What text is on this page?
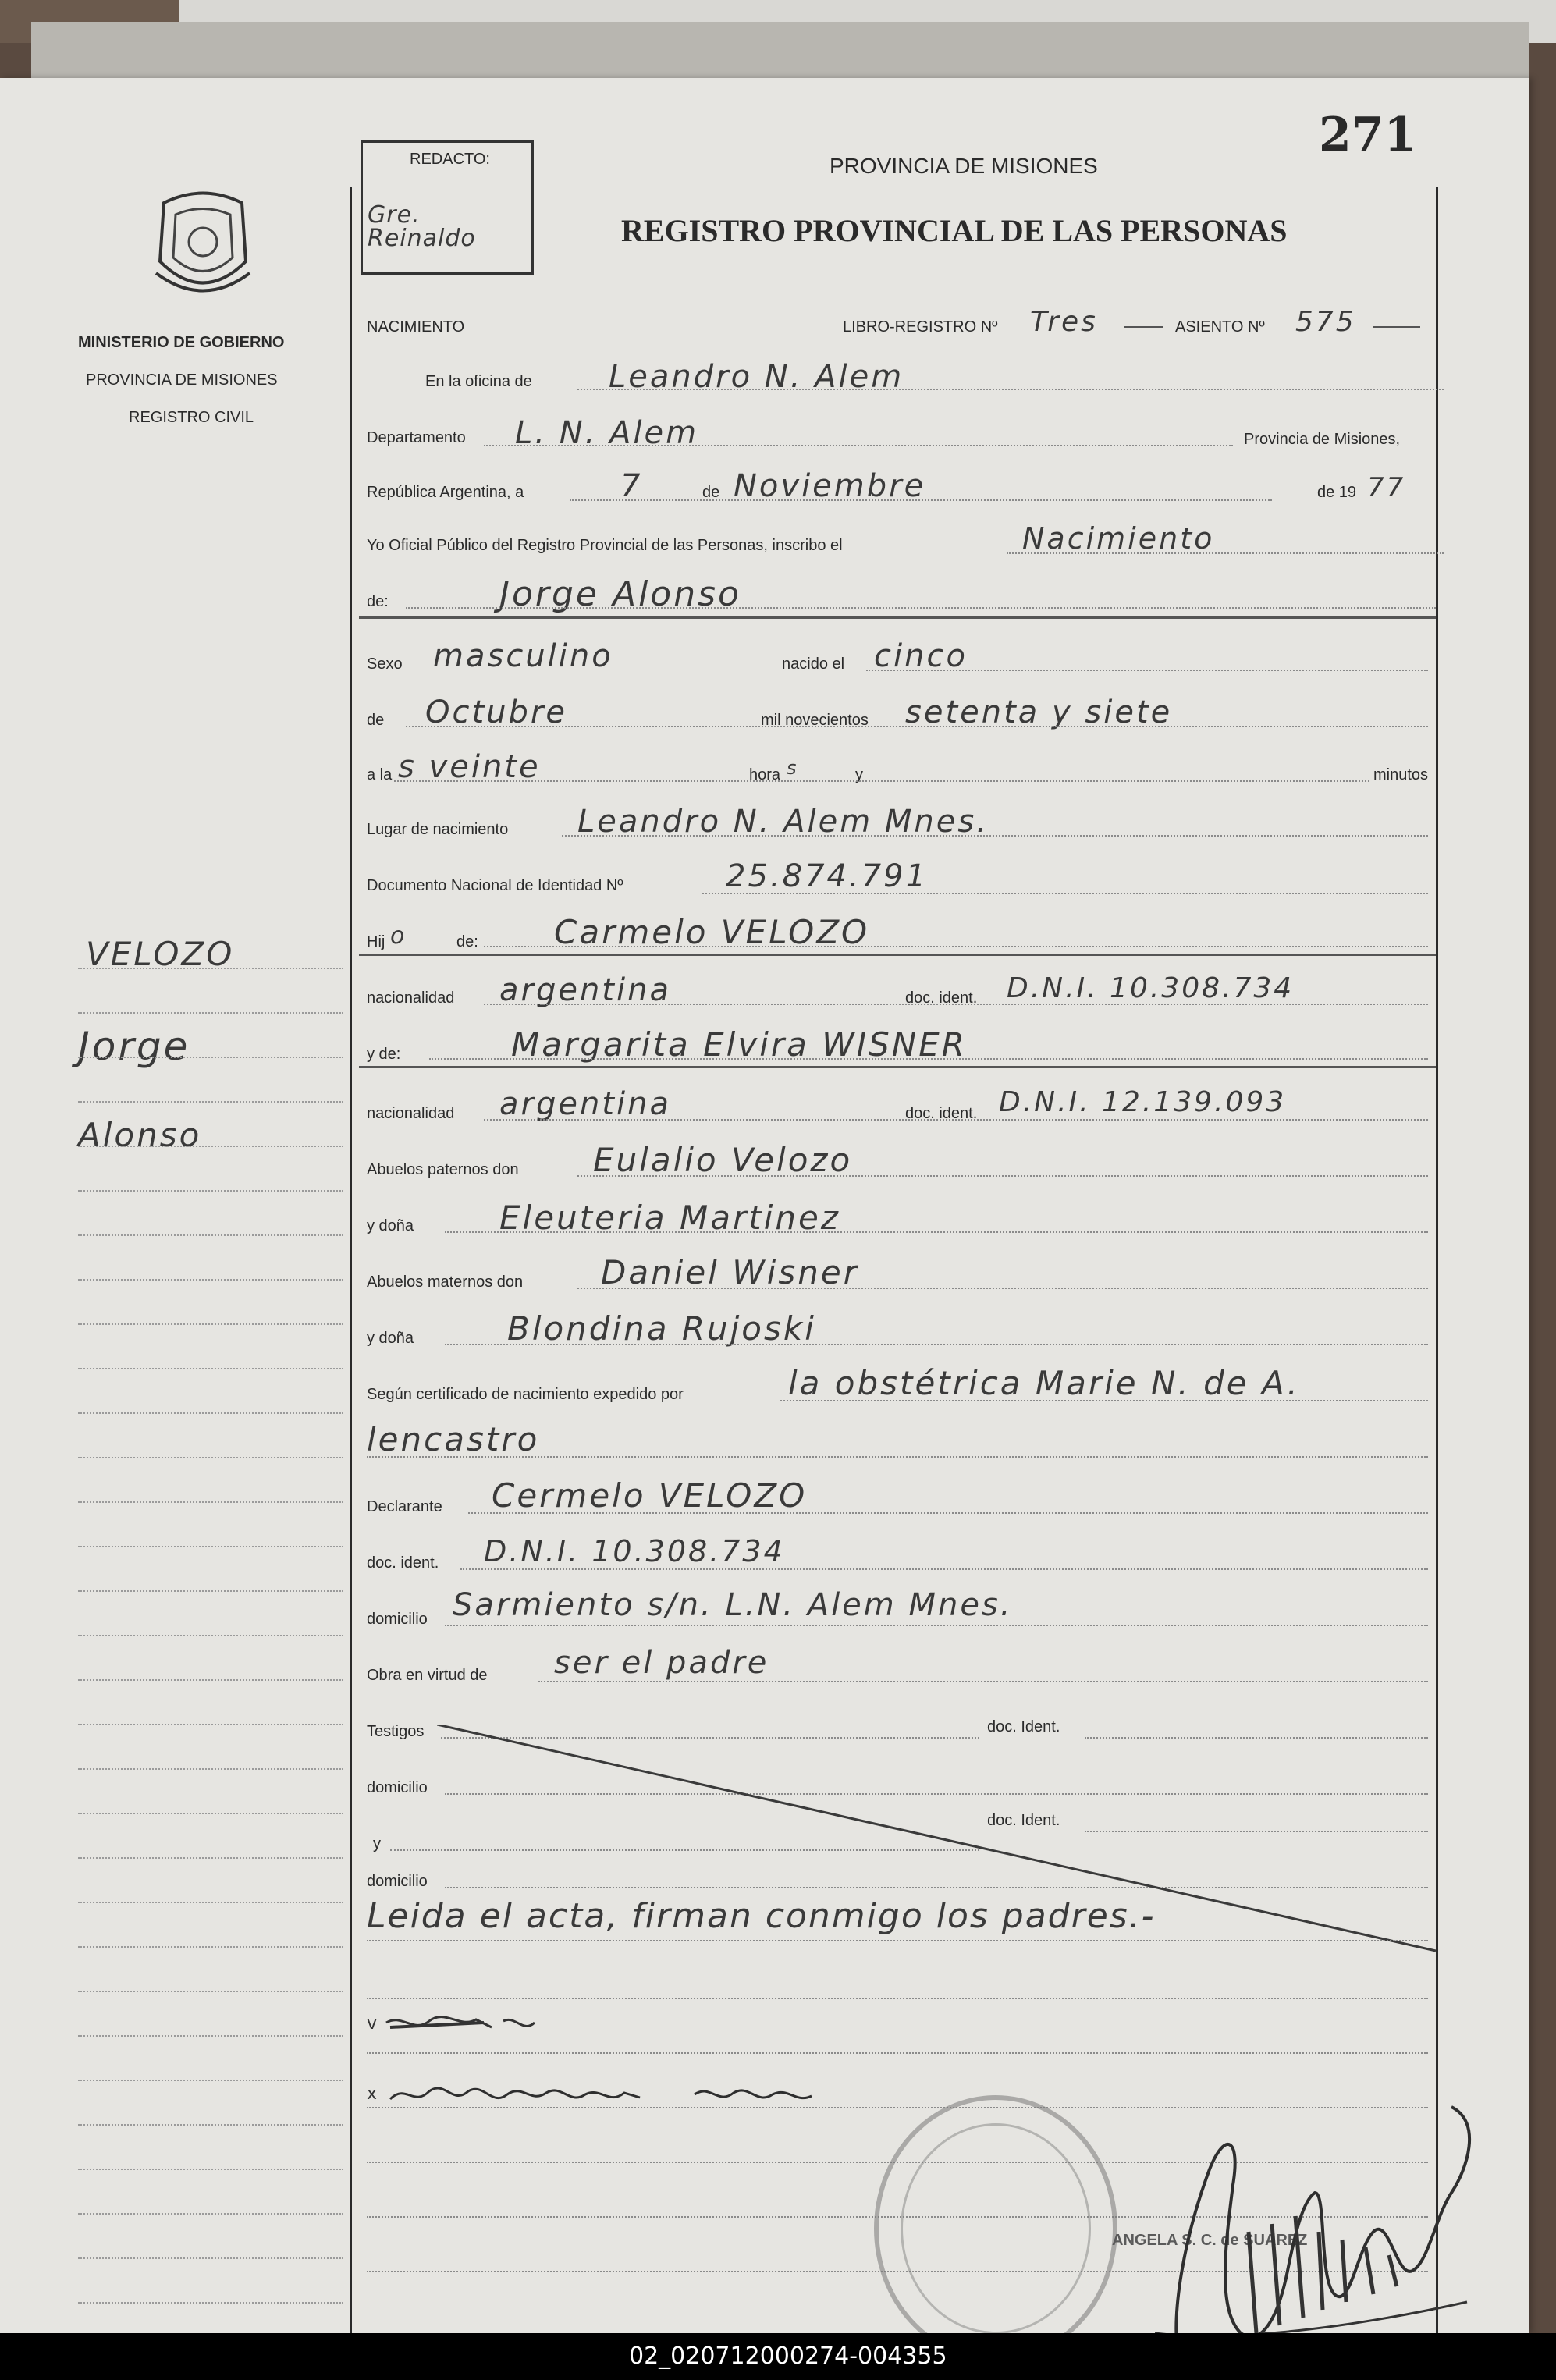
MINISTERIO DE GOBIERNO
PROVINCIA DE MISIONES
REGISTRO CIVIL
VELOZO
Jorge
Alonso
REDACTO:
Gre. Reinaldo
271
PROVINCIA DE MISIONES
REGISTRO PROVINCIAL DE LAS PERSONAS
NACIMIENTO	LIBRO-REGISTRO Nº Tres	ASIENTO Nº 575
En la oficina de Leandro N. Alem
Departamento L. N. Alem	Provincia de Misiones,
República Argentina, a	7	de Noviembre	de 19 77
Yo Oficial Público del Registro Provincial de las Personas, inscribo el	Nacimiento
de:	Jorge Alonso
Sexo masculino	nacido el cinco
de Octubre	mil novecientos setenta y siete
a la s veinte	hora s	y	minutos
Lugar de nacimiento Leandro N. Alem Mnes.
Documento Nacional de Identidad Nº	25.874.791
Hij o	de: Carmelo VELOZO
nacionalidad argentina	doc. ident. D.N.I. 10.308.734
y de:	Margarita Elvira WISNER
nacionalidad argentina	doc. ident. D.N.I. 12.139.093
Abuelos paternos don Eulalio Velozo
y doña	Eleuteria Martinez
Abuelos maternos don Daniel Wisner
y doña	Blondina Rujoski
Según certificado de nacimiento expedido por	la obstétrica Marie N. de A.
lencastro
Declarante Cermelo VELOZO
doc. ident. D.N.I. 10.308.734
domicilio Sarmiento s/n. L.N. Alem Mnes.
Obra en virtud de ser el padre
Testigos	doc. Ident.
domicilio
y
doc. Ident.
domicilio
Leida el acta, firman conmigo los padres.-
v
x
ANGELA S. C. de SUAREZ
02_020712000274-004355
